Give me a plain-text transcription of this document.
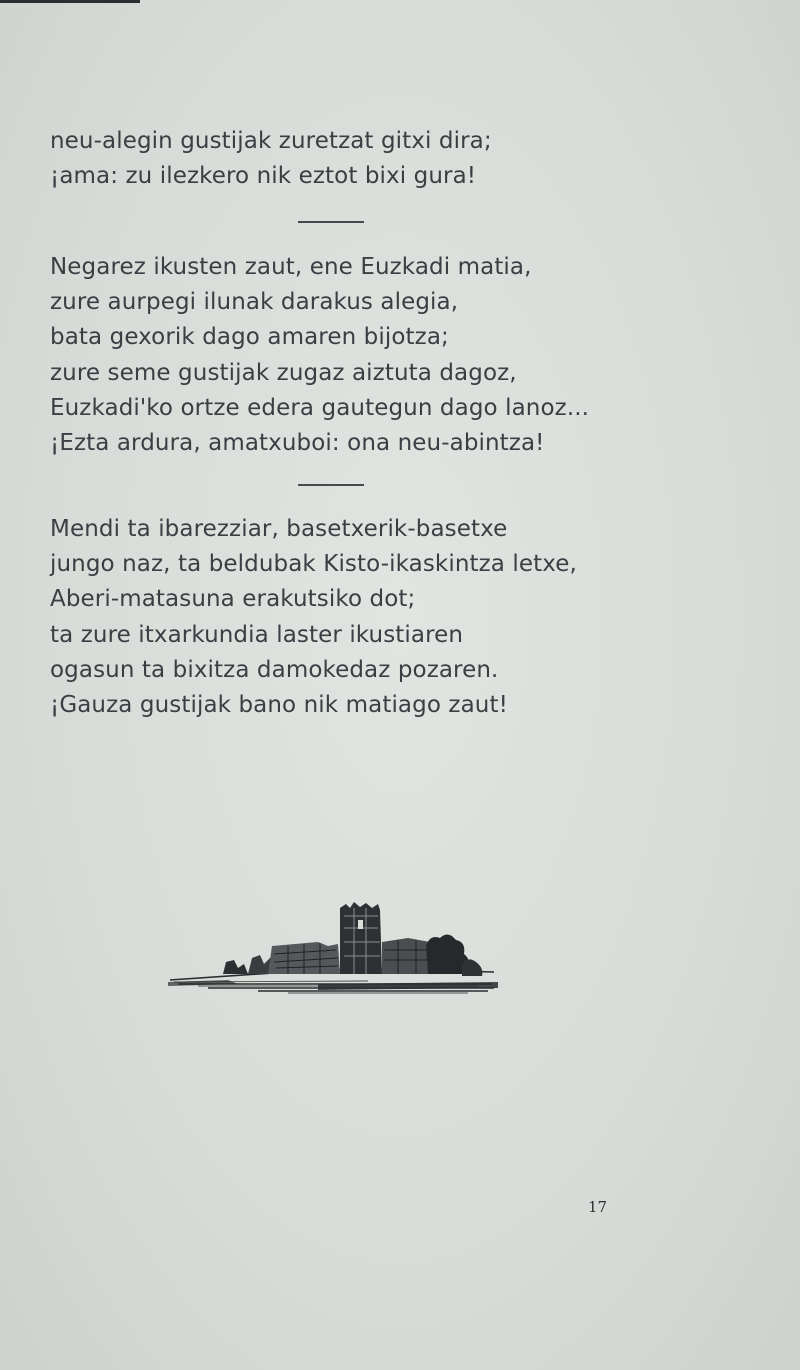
neu-alegin gustijak zuretzat gitxi dira;
¡ama: zu ilezkero nik eztot bixi gura!
Negarez ikusten zaut, ene Euzkadi matia,
zure aurpegi ilunak darakus alegia,
bata gexorik dago amaren bijotza;
zure seme gustijak zugaz aiztuta dagoz,
Euzkadi'ko ortze edera gautegun dago lanoz...
¡Ezta ardura, amatxuboi: ona neu-abintza!
Mendi ta ibarezziar, basetxerik-basetxe
jungo naz, ta beldubak Kisto-ikaskintza letxe,
Aberi-matasuna erakutsiko dot;
ta zure itxarkundia laster ikustiaren
ogasun ta bixitza damokedaz pozaren.
¡Gauza gustijak bano nik matiago zaut!
17
